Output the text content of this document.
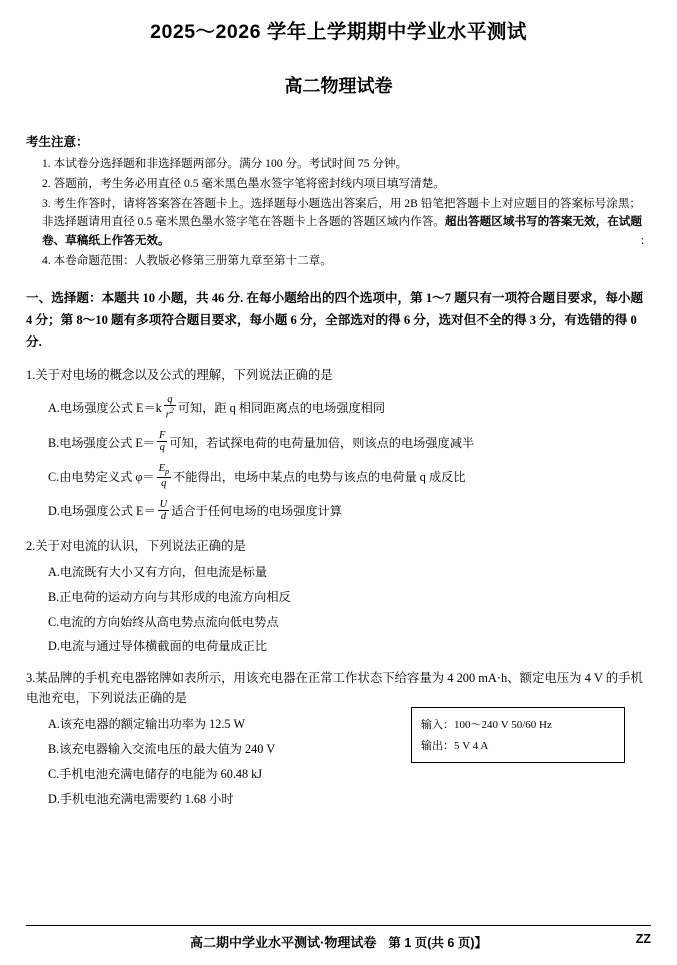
2025～2026 学年上学期期中学业水平测试
高二物理试卷
考生注意：
1. 本试卷分选择题和非选择题两部分。满分 100 分。考试时间 75 分钟。
2. 答题前，考生务必用直径 0.5 毫米黑色墨水签字笔将密封线内项目填写清楚。
3. 考生作答时，请将答案答在答题卡上。选择题每小题选出答案后，用 2B 铅笔把答题卡上对应题目的答案标号涂黑；非选择题请用直径 0.5 毫米黑色墨水签字笔在答题卡上各题的答题区域内作答。超出答题区域书写的答案无效，在试题卷、草稿纸上作答无效。	：
4. 本卷命题范围：人教版必修第三册第九章至第十二章。
一、选择题：本题共 10 小题，共 46 分. 在每小题给出的四个选项中，第 1～7 题只有一项符合题目要求，每小题 4 分；第 8～10 题有多项符合题目要求，每小题 6 分，全部选对的得 6 分，选对但不全的得 3 分，有选错的得 0 分.
1.关于对电场的概念以及公式的理解，下列说法正确的是
A. 电场强度公式 $E=k \frac{q}{r^2}$ 可知，距 q 相同距离点的电场强度相同
B. 电场强度公式 $E= \frac{F}{q}$ 可知，若试探电荷的电荷量加倍，则该点的电场强度减半
C. 由电势定义式 $\varphi= \frac{E_p}{q}$ 不能得出，电场中某点的电势与该点的电荷量 q 成反比
D. 电场强度公式 $E= \frac{U}{d}$ 适合于任何电场的电场强度计算
2.关于对电流的认识，下列说法正确的是
A. 电流既有大小又有方向，但电流是标量
B. 正电荷的运动方向与其形成的电流方向相反
C. 电流的方向始终从高电势点流向低电势点
D. 电流与通过导体横截面的电荷量成正比
3.某品牌的手机充电器铭牌如表所示，用该充电器在正常工作状态下给容量为 4 200 mA·h、额定电压为 4 V 的手机电池充电，下列说法正确的是
A. 该充电器的额定输出功率为 12.5 W
B. 该充电器输入交流电压的最大值为 240 V
C. 手机电池充满电储存的电能为 60.48 kJ
D. 手机电池充满电需要约 1.68 小时
输入：100～240 V 50/60 Hz
输出：5 V 4 A
高二期中学业水平测试·物理试卷 第 1 页(共 6 页)】	ZZ
